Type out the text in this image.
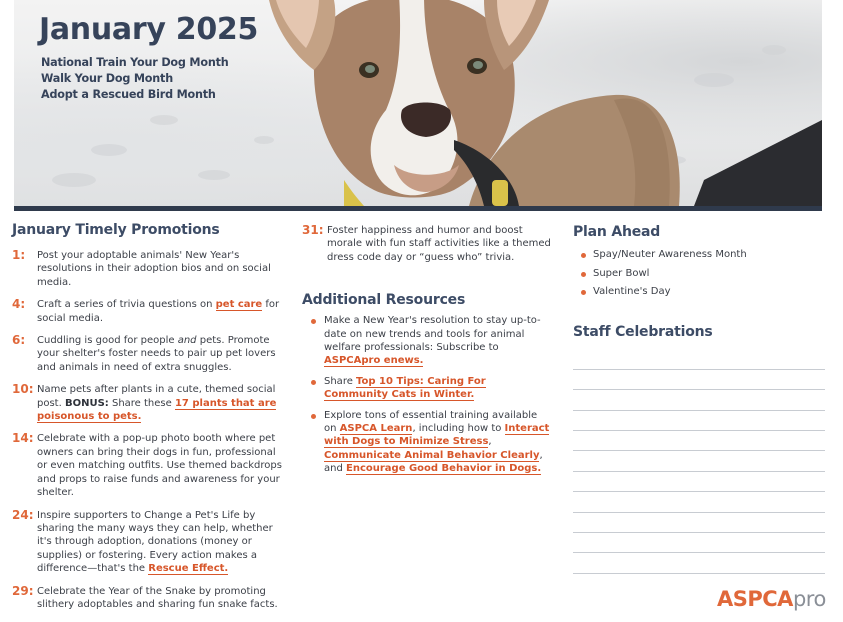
January 2025
National Train Your Dog Month
Walk Your Dog Month
Adopt a Rescued Bird Month
January Timely Promotions
1:	Post your adoptable animals' New Year's resolutions in their adoption bios and on social media.
4:	Craft a series of trivia questions on pet care for social media.
6:	Cuddling is good for people and pets. Promote your shelter's foster needs to pair up pet lovers and animals in need of extra snuggles.
10: Name pets after plants in a cute, themed social post. BONUS: Share these 17 plants that are poisonous to pets.
14: Celebrate with a pop-up photo booth where pet owners can bring their dogs in fun, professional or even matching outfits. Use themed backdrops and props to raise funds and awareness for your shelter.
24: Inspire supporters to Change a Pet's Life by sharing the many ways they can help, whether it's through adoption, donations (money or supplies) or fostering. Every action makes a difference—that's the Rescue Effect.
29: Celebrate the Year of the Snake by promoting slithery adoptables and sharing fun snake facts.
31: Foster happiness and humor and boost morale with fun staff activities like a themed dress code day or “guess who” trivia.
Additional Resources
Make a New Year's resolution to stay up-to-date on new trends and tools for animal welfare professionals: Subscribe to ASPCApro enews.
Share Top 10 Tips: Caring For Community Cats in Winter.
Explore tons of essential training available on ASPCA Learn, including how to Interact with Dogs to Minimize Stress, Communicate Animal Behavior Clearly, and Encourage Good Behavior in Dogs.
Plan Ahead
Spay/Neuter Awareness Month
Super Bowl
Valentine's Day
Staff Celebrations
ASPCApro
